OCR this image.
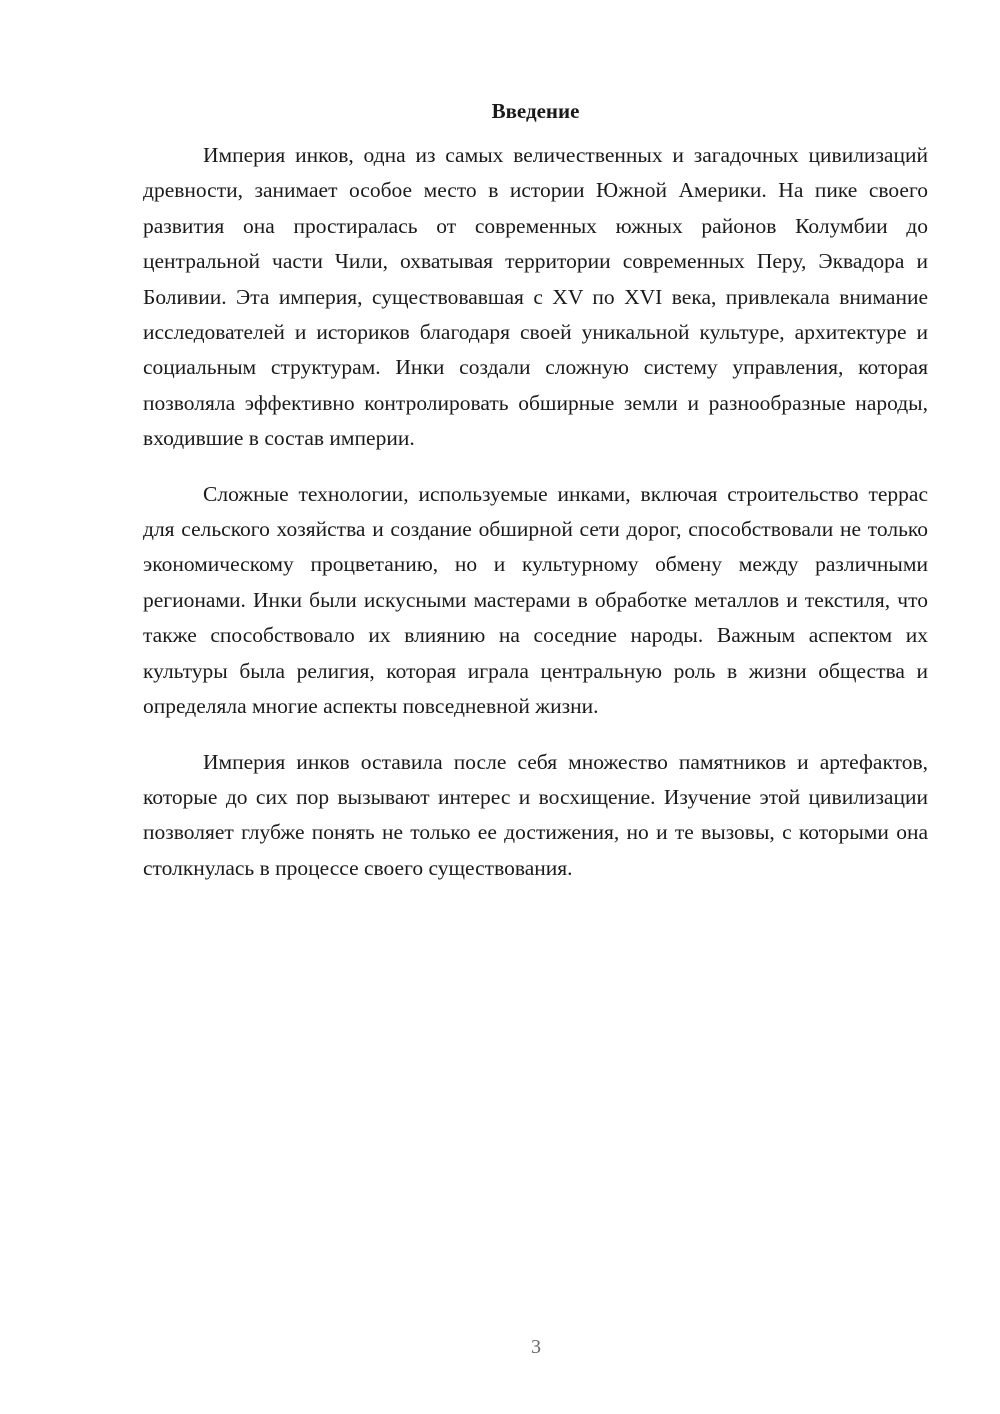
Введение

Империя инков, одна из самых величественных и загадочных цивилизаций древности, занимает особое место в истории Южной Америки. На пике своего развития она простиралась от современных южных районов Колумбии до центральной части Чили, охватывая территории современных Перу, Эквадора и Боливии. Эта империя, существовавшая с XV по XVI века, привлекала внимание исследователей и историков благодаря своей уникальной культуре, архитектуре и социальным структурам. Инки создали сложную систему управления, которая позволяла эффективно контролировать обширные земли и разнообразные народы, входившие в состав империи.

Сложные технологии, используемые инками, включая строительство террас для сельского хозяйства и создание обширной сети дорог, способствовали не только экономическому процветанию, но и культурному обмену между различными регионами. Инки были искусными мастерами в обработке металлов и текстиля, что также способствовало их влиянию на соседние народы. Важным аспектом их культуры была религия, которая играла центральную роль в жизни общества и определяла многие аспекты повседневной жизни.

Империя инков оставила после себя множество памятников и артефактов, которые до сих пор вызывают интерес и восхищение. Изучение этой цивилизации позволяет глубже понять не только ее достижения, но и те вызовы, с которыми она столкнулась в процессе своего существования.

3
